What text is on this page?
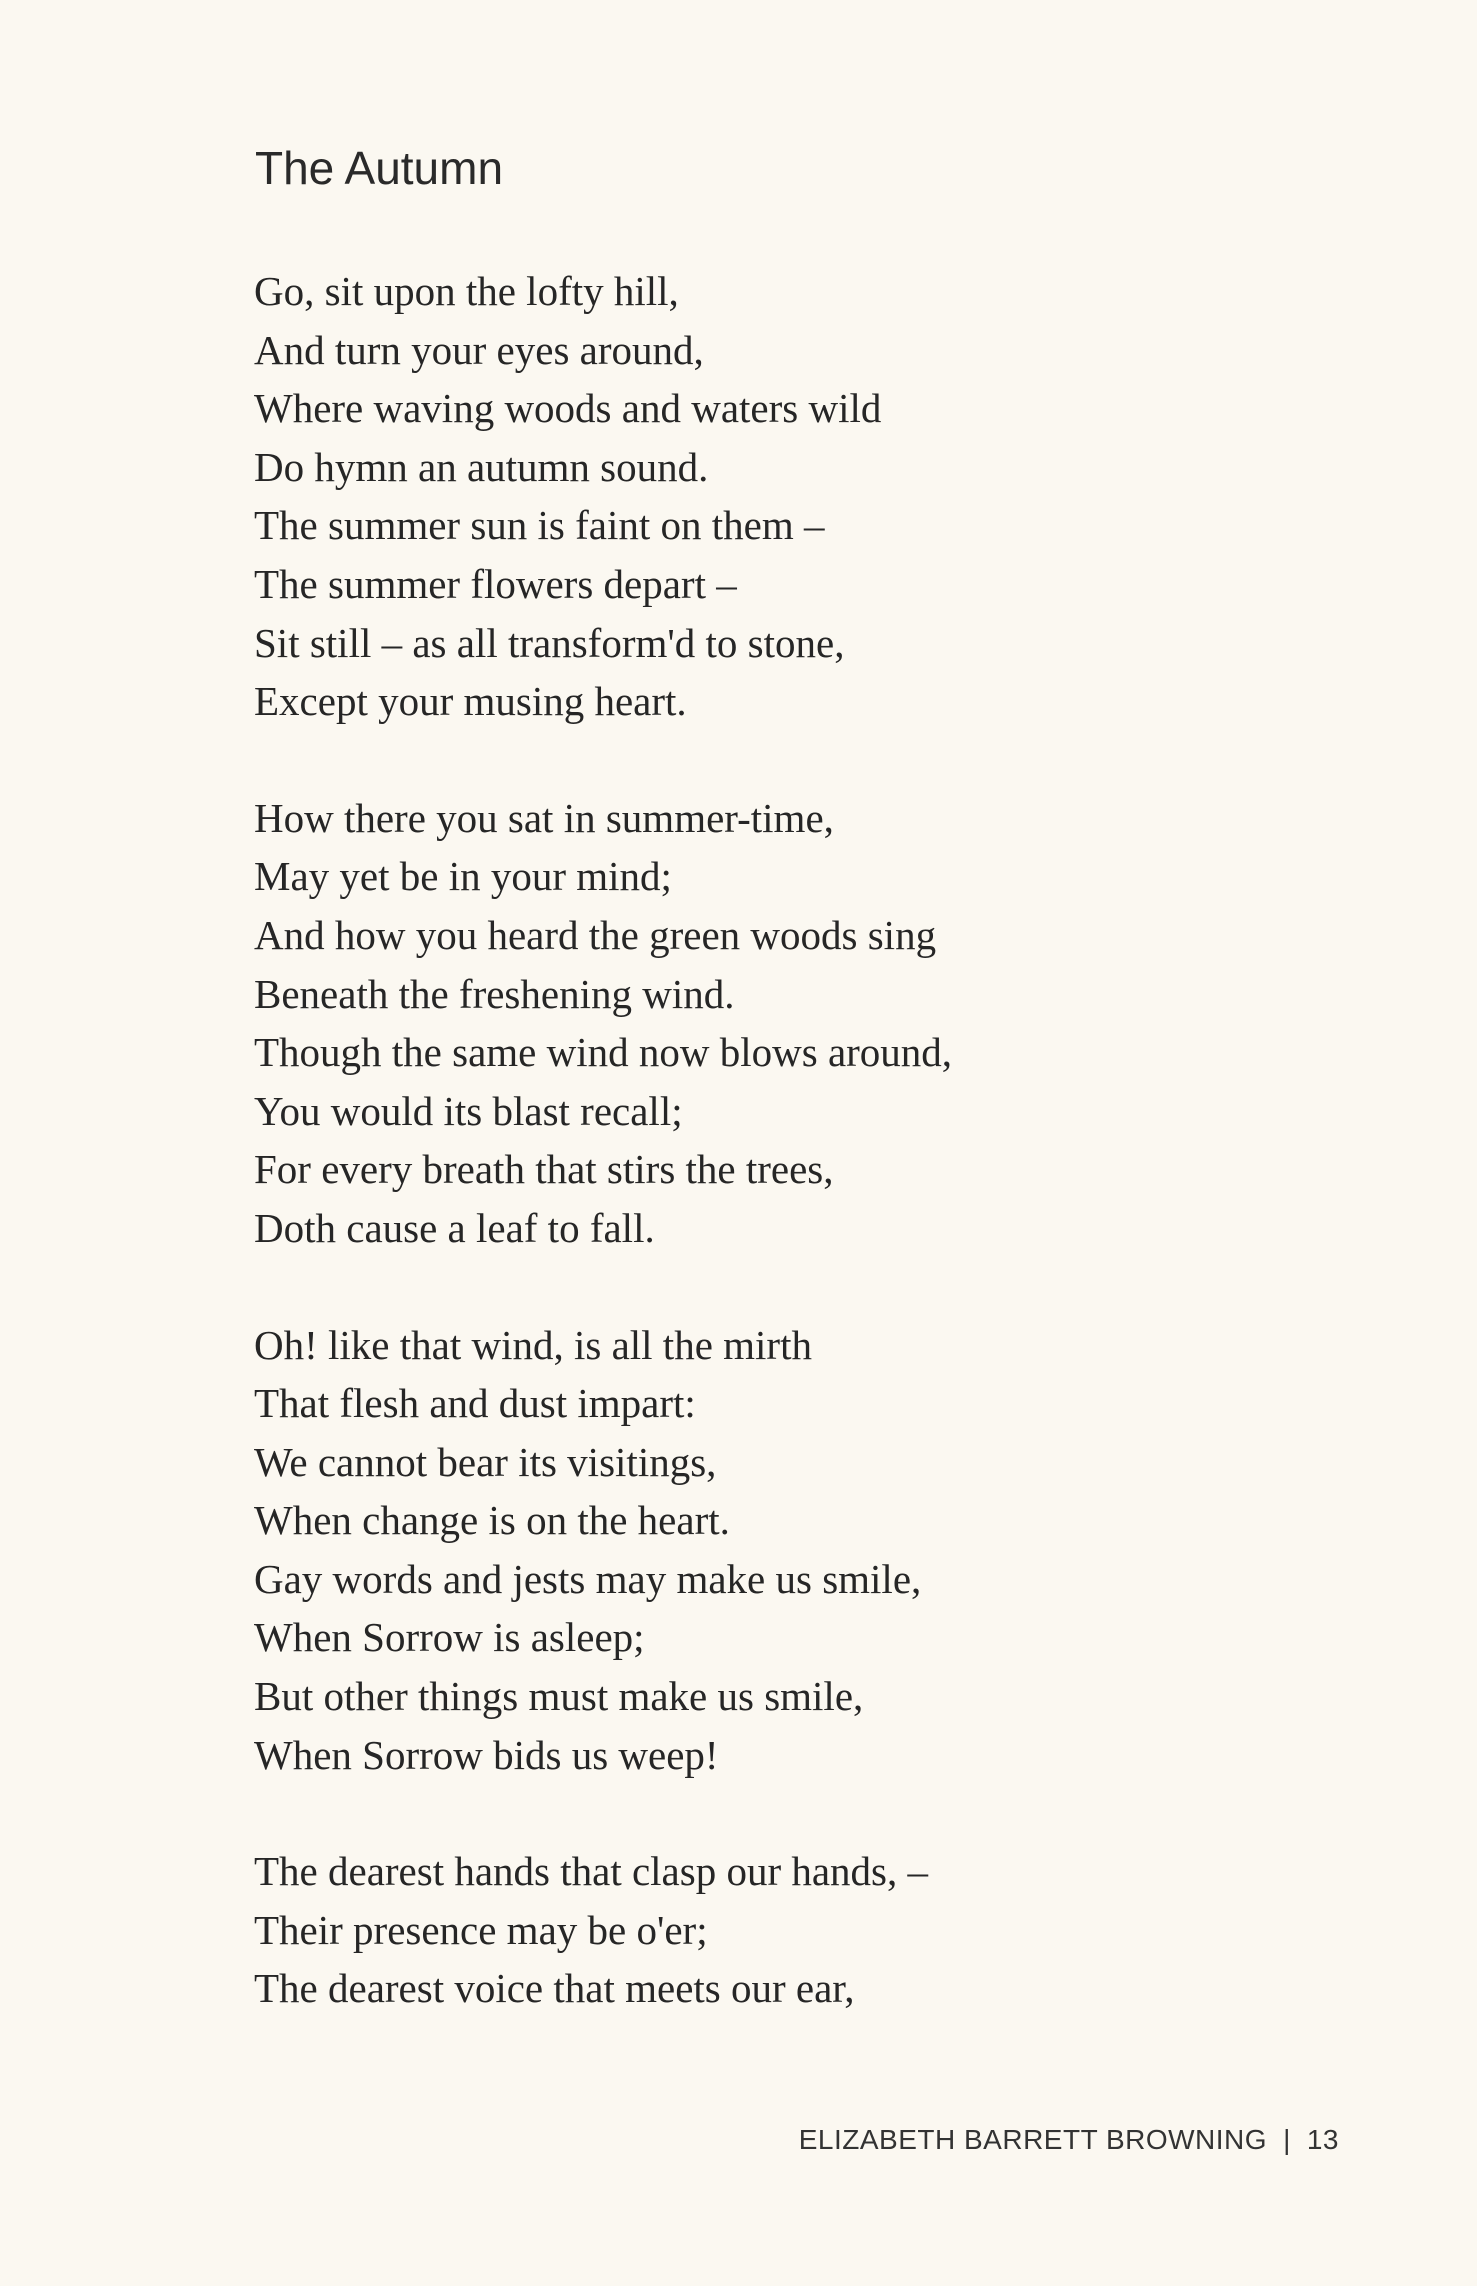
The Autumn
Go, sit upon the lofty hill,
And turn your eyes around,
Where waving woods and waters wild
Do hymn an autumn sound.
The summer sun is faint on them –
The summer flowers depart –
Sit still – as all transform'd to stone,
Except your musing heart.
How there you sat in summer-time,
May yet be in your mind;
And how you heard the green woods sing
Beneath the freshening wind.
Though the same wind now blows around,
You would its blast recall;
For every breath that stirs the trees,
Doth cause a leaf to fall.
Oh! like that wind, is all the mirth
That flesh and dust impart:
We cannot bear its visitings,
When change is on the heart.
Gay words and jests may make us smile,
When Sorrow is asleep;
But other things must make us smile,
When Sorrow bids us weep!
The dearest hands that clasp our hands, –
Their presence may be o'er;
The dearest voice that meets our ear,
ELIZABETH BARRETT BROWNING | 13
